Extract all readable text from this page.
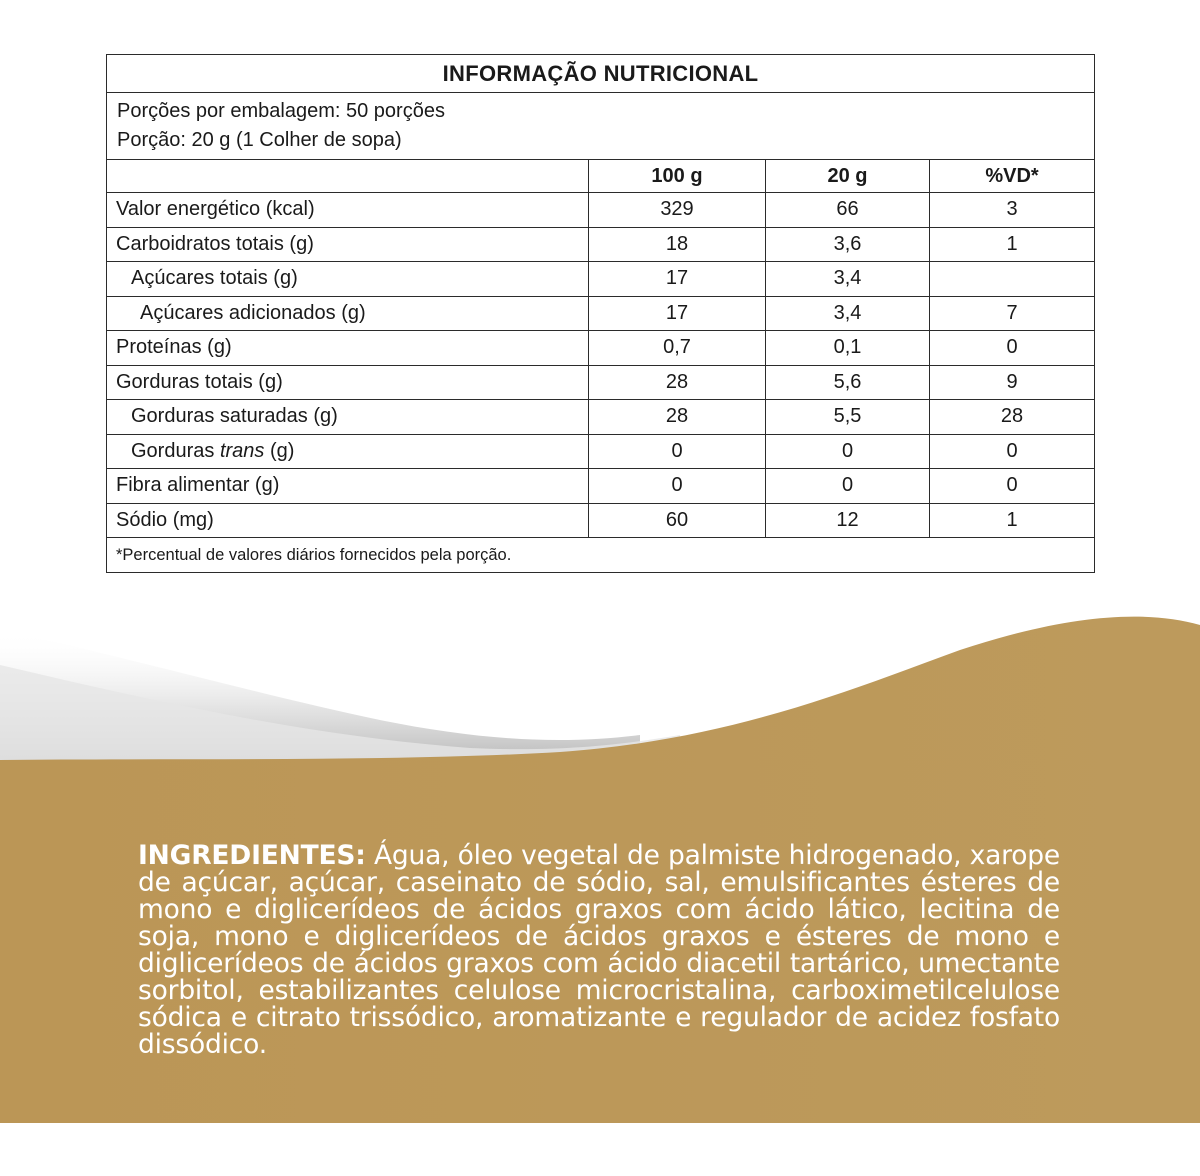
INFORMAÇÃO NUTRICIONAL			

Porções por embalagem: 50 porções
Porção: 20 g (1 Colher de sopa)			

	100 g	20 g	%VD*
Valor energético (kcal)	329	66	3
Carboidratos totais (g)	18	3,6	1
Açúcares totais (g)	17	3,4	
Açúcares adicionados (g)	17	3,4	7
Proteínas (g)	0,7	0,1	0
Gorduras totais (g)	28	5,6	9
Gorduras saturadas (g)	28	5,5	28
Gorduras trans (g)	0	0	0
Fibra alimentar (g)	0	0	0
Sódio (mg)	60	12	1
*Percentual de valores diários fornecidos pela porção.			
INGREDIENTES: Água, óleo vegetal de palmiste hidrogenado, xarope de açúcar, açúcar, caseinato de sódio, sal, emulsificantes ésteres de mono e diglicerídeos de ácidos graxos com ácido lático, lecitina de soja, mono e diglicerídeos de ácidos graxos e ésteres de mono e diglicerídeos de ácidos graxos com ácido diacetil tartárico, umectante sorbitol, estabilizantes celulose microcristalina, carboximetilcelulose sódica e citrato trissódico, aromatizante e regulador de acidez fosfato dissódico.
